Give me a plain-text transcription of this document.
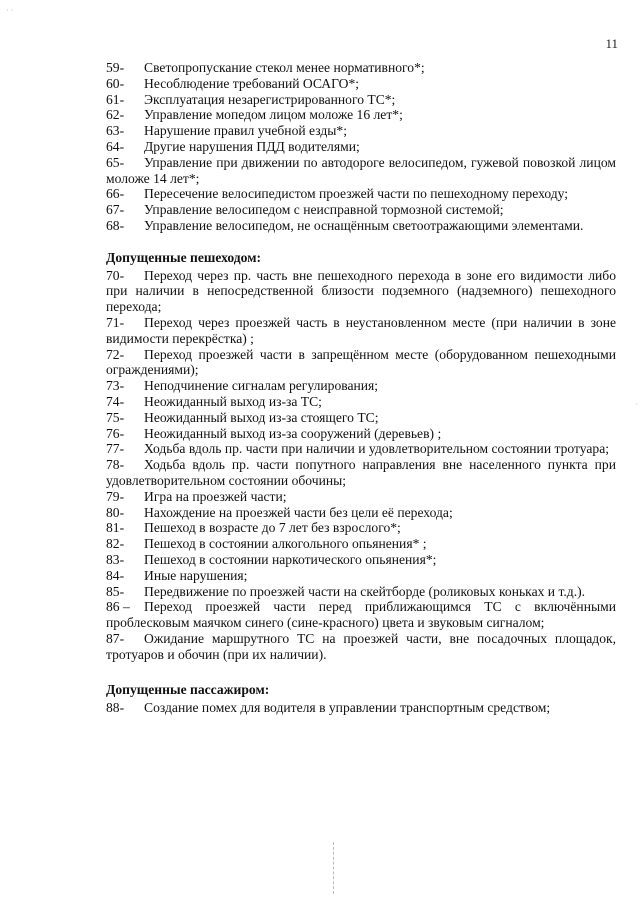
· ·
11

59- Светопропускание стекол менее нормативного*;

60- Несоблюдение требований ОСАГО*;

61- Эксплуатация незарегистрированного ТС*;

62- Управление мопедом лицом моложе 16 лет*;

63- Нарушение правил учебной езды*;

64- Другие нарушения ПДД водителями;

65- Управление при движении по автодороге велосипедом, гужевой повозкой лицом моложе 14 лет*;

66- Пересечение велосипедистом проезжей части по пешеходному переходу;

67- Управление велосипедом с неисправной тормозной системой;

68- Управление велосипедом, не оснащённым светоотражающими элементами.

Допущенные пешеходом:

70- Переход через пр. часть вне пешеходного перехода в зоне его видимости либо при наличии в непосредственной близости подземного (надземного) пешеходного перехода;

71- Переход через проезжей часть в неустановленном месте (при наличии в зоне видимости перекрёстка) ;

72- Переход проезжей части в запрещённом месте (оборудованном пешеходными ограждениями);

73- Неподчинение сигналам регулирования;

74- Неожиданный выход из-за ТС;

75- Неожиданный выход из-за стоящего ТС;

76- Неожиданный выход из-за сооружений (деревьев) ;

77- Ходьба вдоль пр. части при наличии и удовлетворительном состоянии тротуара;

78- Ходьба вдоль пр. части попутного направления вне населенного пункта при удовлетворительном состоянии обочины;

79- Игра на проезжей части;

80- Нахождение на проезжей части без цели её перехода;

81- Пешеход в возрасте до 7 лет без взрослого*;

82- Пешеход в состоянии алкогольного опьянения* ;

83- Пешеход в состоянии наркотического опьянения*;

84- Иные нарушения;

85- Передвижение по проезжей части на скейтборде (роликовых коньках и т.д.).

86 – Переход проезжей части перед приближающимся ТС с включёнными проблесковым маячком синего (сине-красного) цвета и звуковым сигналом;

87- Ожидание маршрутного ТС на проезжей части, вне посадочных площадок, тротуаров и обочин (при их наличии).

Допущенные пассажиром:

88- Создание помех для водителя в управлении транспортным средством;

·
